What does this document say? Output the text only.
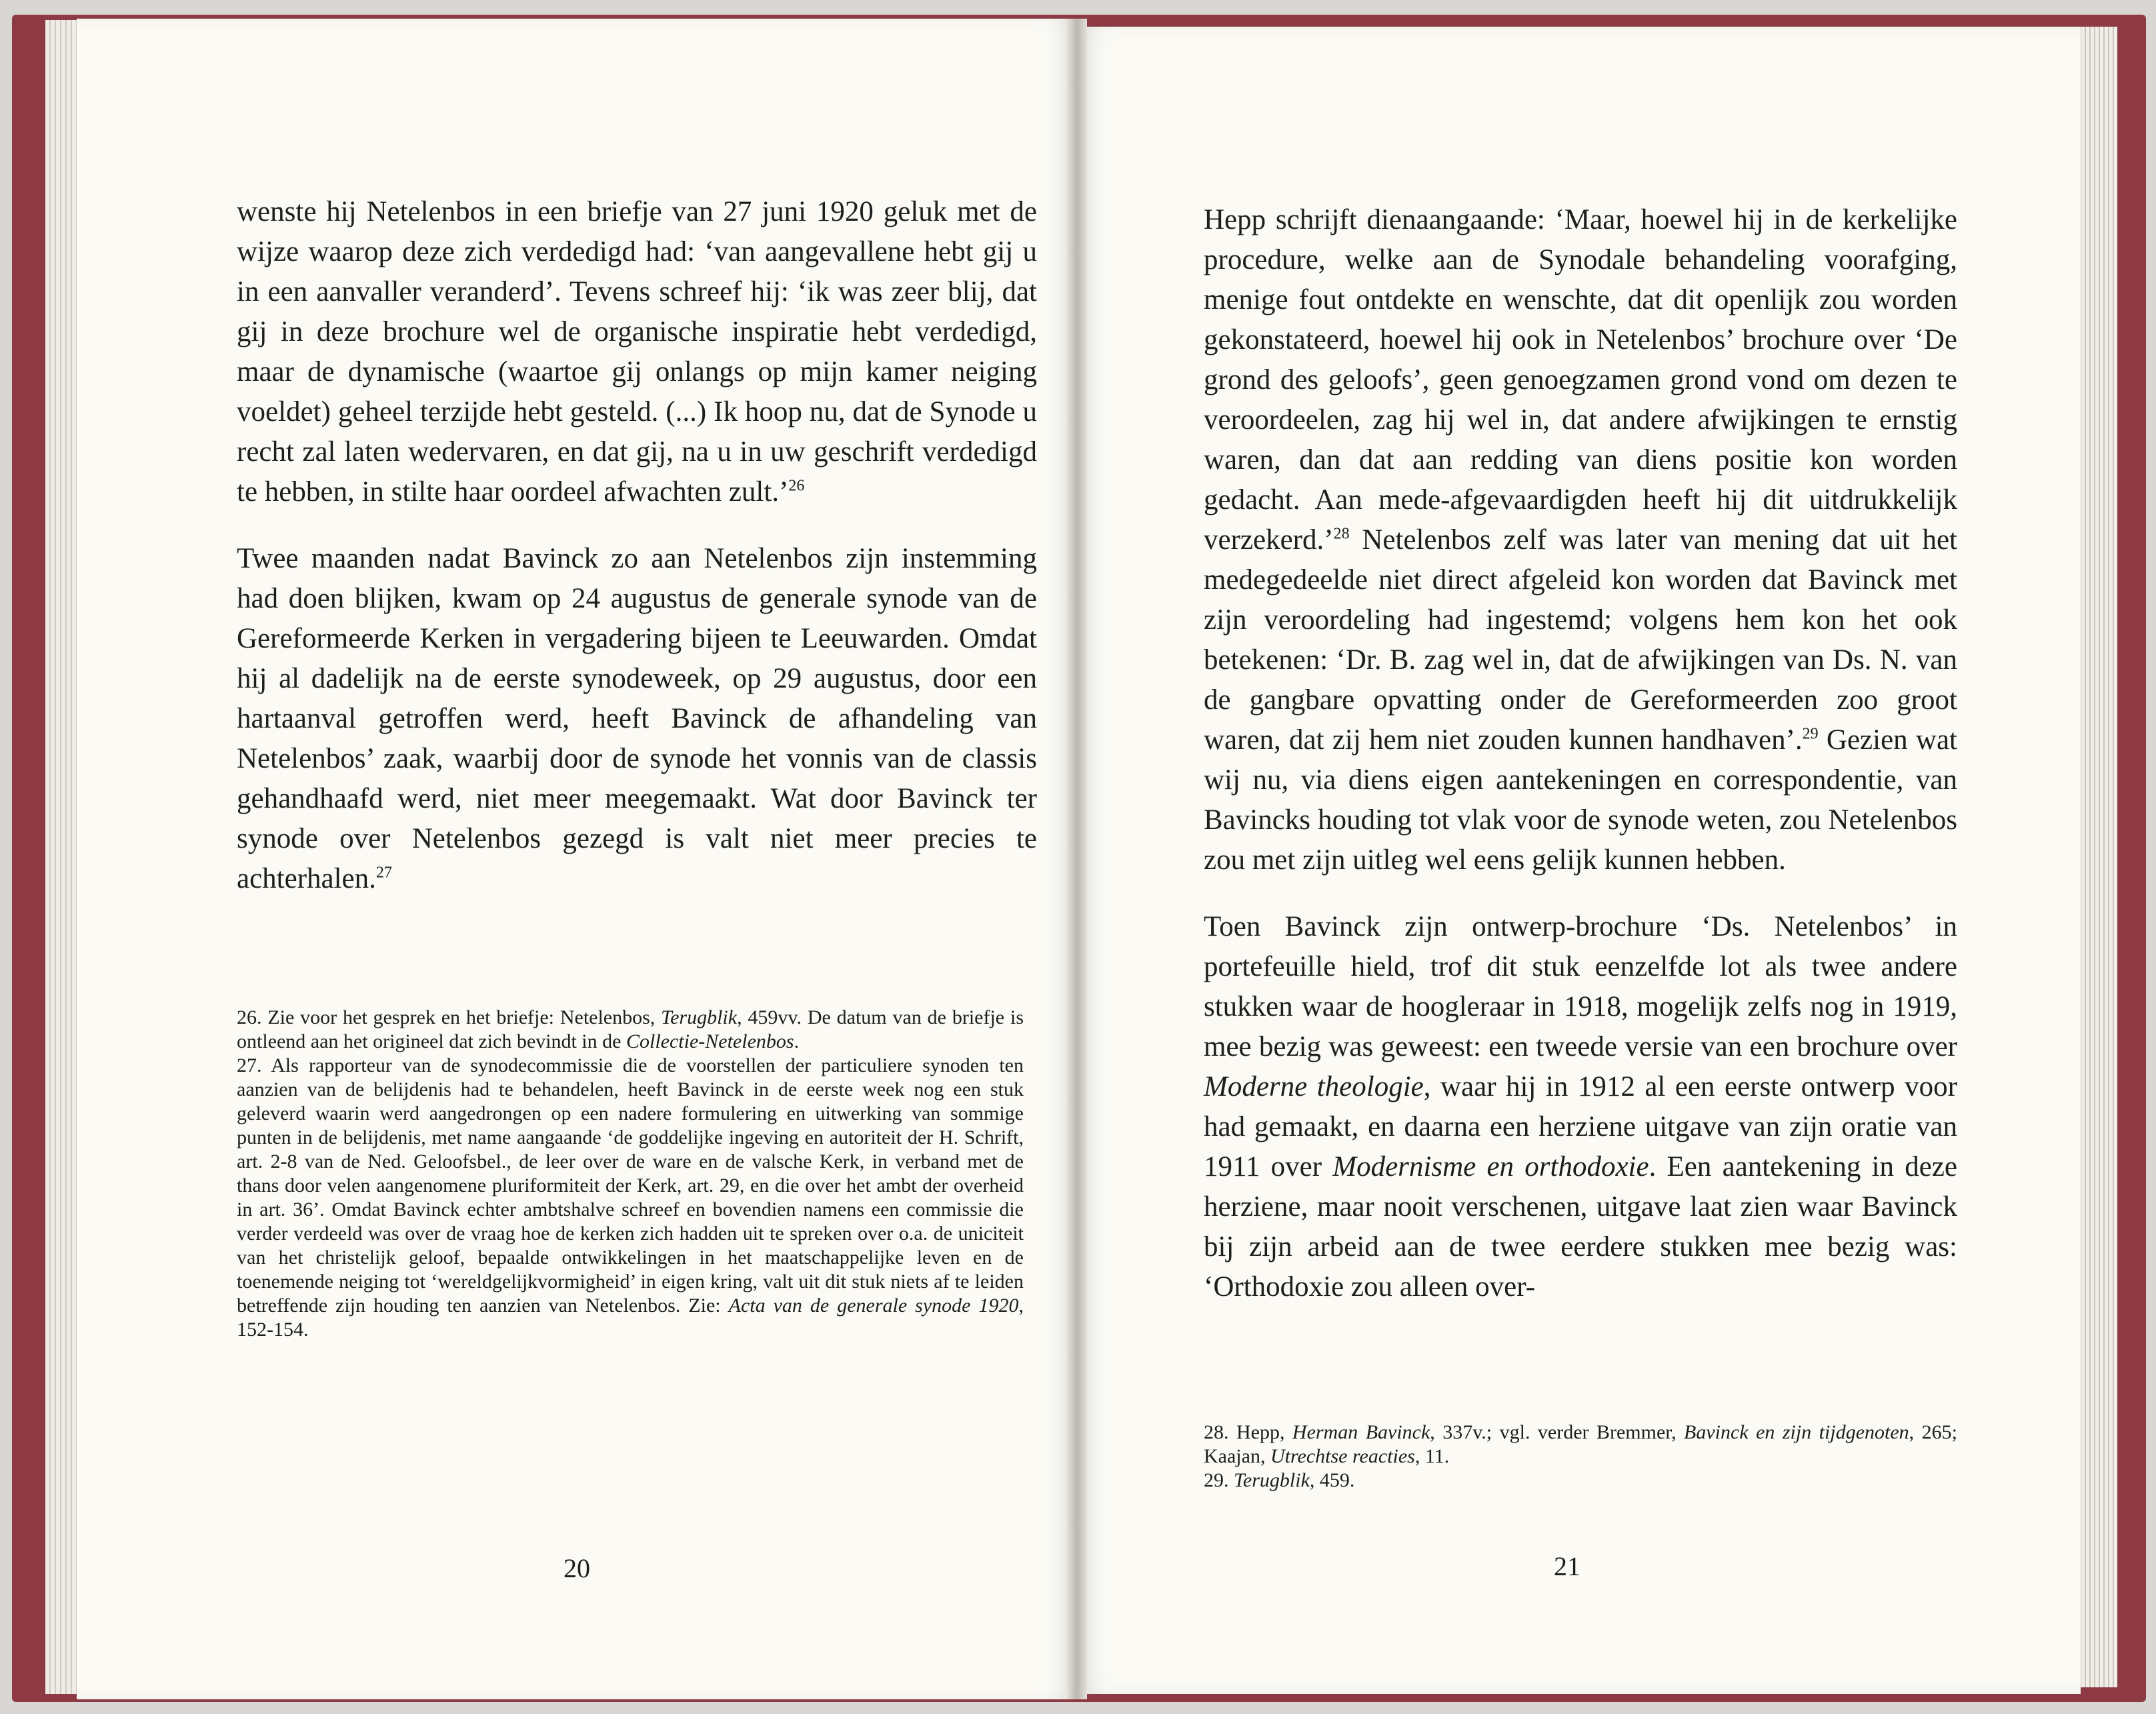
wenste hij Netelenbos in een briefje van 27 juni 1920 geluk met de wijze waarop deze zich verdedigd had: ‘van aangevallene hebt gij u in een aanvaller veranderd’. Tevens schreef hij: ‘ik was zeer blij, dat gij in deze brochure wel de organische inspiratie hebt verdedigd, maar de dynamische (waartoe gij onlangs op mijn kamer neiging voeldet) geheel terzijde hebt gesteld. (...) Ik hoop nu, dat de Synode u recht zal laten wedervaren, en dat gij, na u in uw geschrift verdedigd te hebben, in stilte haar oordeel afwachten zult.’$^{26}$

Twee maanden nadat Bavinck zo aan Netelenbos zijn instemming had doen blijken, kwam op 24 augustus de generale synode van de Gereformeerde Kerken in vergadering bijeen te Leeuwarden. Omdat hij al dadelijk na de eerste synodeweek, op 29 augustus, door een hartaanval getroffen werd, heeft Bavinck de afhandeling van Netelenbos’ zaak, waarbij door de synode het vonnis van de classis gehandhaafd werd, niet meer meegemaakt. Wat door Bavinck ter synode over Netelenbos gezegd is valt niet meer precies te achterhalen.$^{27}$

26. Zie voor het gesprek en het briefje: Netelenbos, Terugblik, 459vv. De datum van de briefje is ontleend aan het origineel dat zich bevindt in de Collectie-Netelenbos.

27. Als rapporteur van de synodecommissie die de voorstellen der particuliere synoden ten aanzien van de belijdenis had te behandelen, heeft Bavinck in de eerste week nog een stuk geleverd waarin werd aangedrongen op een nadere formulering en uitwerking van sommige punten in de belijdenis, met name aangaande ‘de goddelijke ingeving en autoriteit der H. Schrift, art. 2-8 van de Ned. Geloofsbel., de leer over de ware en de valsche Kerk, in verband met de thans door velen aangenomene pluriformiteit der Kerk, art. 29, en die over het ambt der overheid in art. 36’. Omdat Bavinck echter ambtshalve schreef en bovendien namens een commissie die verder verdeeld was over de vraag hoe de kerken zich hadden uit te spreken over o.a. de uniciteit van het christelijk geloof, bepaalde ontwikkelingen in het maatschappelijke leven en de toenemende neiging tot ‘wereldgelijkvormigheid’ in eigen kring, valt uit dit stuk niets af te leiden betreffende zijn houding ten aanzien van Netelenbos. Zie: Acta van de generale synode 1920, 152-154.

20

Hepp schrijft dienaangaande: ‘Maar, hoewel hij in de kerkelijke procedure, welke aan de Synodale behandeling voorafging, menige fout ontdekte en wenschte, dat dit openlijk zou worden gekonstateerd, hoewel hij ook in Netelenbos’ brochure over ‘De grond des geloofs’, geen genoegzamen grond vond om dezen te veroordeelen, zag hij wel in, dat andere afwijkingen te ernstig waren, dan dat aan redding van diens positie kon worden gedacht. Aan mede-afgevaardigden heeft hij dit uitdrukkelijk verzekerd.’$^{28}$ Netelenbos zelf was later van mening dat uit het medegedeelde niet direct afgeleid kon worden dat Bavinck met zijn veroordeling had ingestemd; volgens hem kon het ook betekenen: ‘Dr. B. zag wel in, dat de afwijkingen van Ds. N. van de gangbare opvatting onder de Gereformeerden zoo groot waren, dat zij hem niet zouden kunnen handhaven’.$^{29}$ Gezien wat wij nu, via diens eigen aantekeningen en correspondentie, van Bavincks houding tot vlak voor de synode weten, zou Netelenbos zou met zijn uitleg wel eens gelijk kunnen hebben.

Toen Bavinck zijn ontwerp-brochure ‘Ds. Netelenbos’ in portefeuille hield, trof dit stuk eenzelfde lot als twee andere stukken waar de hoogleraar in 1918, mogelijk zelfs nog in 1919, mee bezig was geweest: een tweede versie van een brochure over Moderne theologie, waar hij in 1912 al een eerste ontwerp voor had gemaakt, en daarna een herziene uitgave van zijn oratie van 1911 over Modernisme en orthodoxie. Een aantekening in deze herziene, maar nooit verschenen, uitgave laat zien waar Bavinck bij zijn arbeid aan de twee eerdere stukken mee bezig was: ‘Orthodoxie zou alleen over-

28. Hepp, Herman Bavinck, 337v.; vgl. verder Bremmer, Bavinck en zijn tijdgenoten, 265; Kaajan, Utrechtse reacties, 11.

29. Terugblik, 459.

21
